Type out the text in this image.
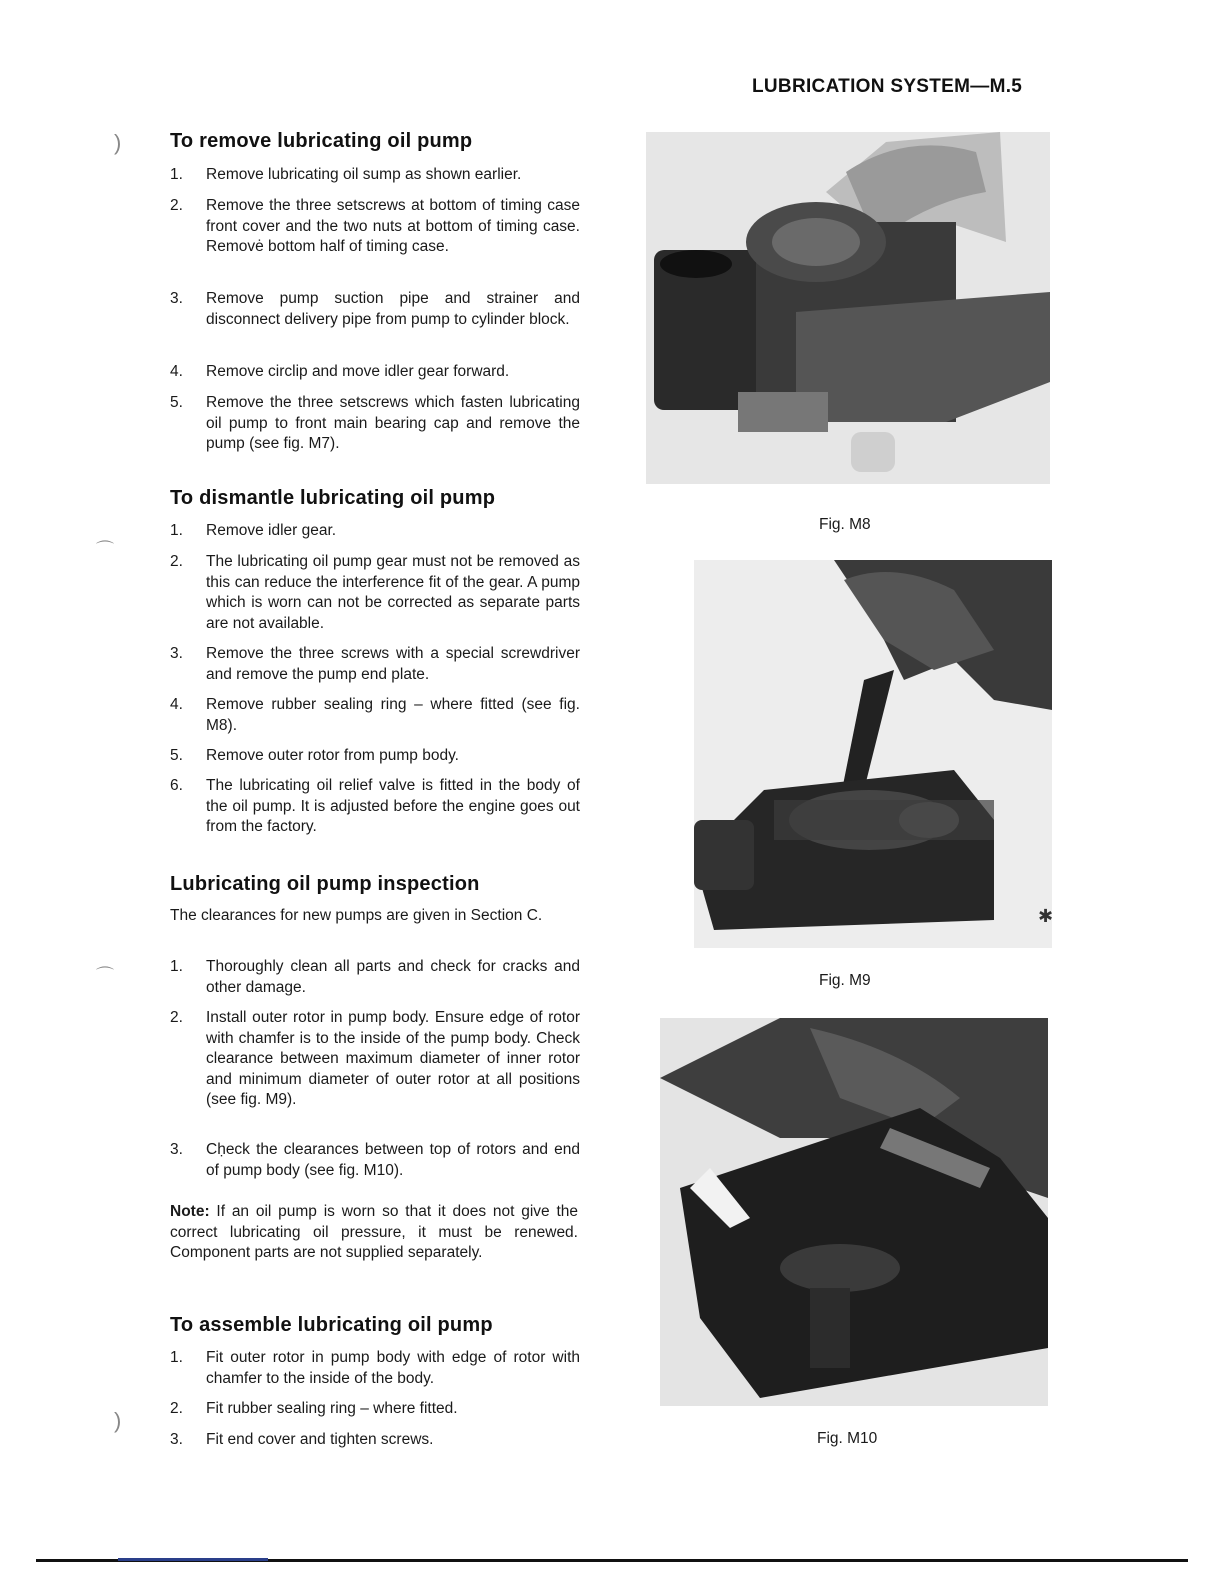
LUBRICATION SYSTEM—M.5
)
⌒
⌒
)
To remove lubricating oil pump
1.	Remove lubricating oil sump as shown earlier.
2.	Remove the three setscrews at bottom of timing case front cover and the two nuts at bottom of timing case. Removė bottom half of timing case.
3.	Remove pump suction pipe and strainer and disconnect delivery pipe from pump to cylinder block.
4.	Remove circlip and move idler gear forward.
5.	Remove the three setscrews which fasten lubricating oil pump to front main bearing cap and remove the pump (see fig. M7).
To dismantle lubricating oil pump
1.	Remove idler gear.
2.	The lubricating oil pump gear must not be removed as this can reduce the interference fit of the gear. A pump which is worn can not be corrected as separate parts are not available.
3.	Remove the three screws with a special screwdriver and remove the pump end plate.
4.	Remove rubber sealing ring – where fitted (see fig. M8).
5.	Remove outer rotor from pump body.
6.	The lubricating oil relief valve is fitted in the body of the oil pump. It is adjusted before the engine goes out from the factory.
Lubricating oil pump inspection
The clearances for new pumps are given in Section C.
1.	Thoroughly clean all parts and check for cracks and other damage.
2.	Install outer rotor in pump body. Ensure edge of rotor with chamfer is to the inside of the pump body. Check clearance between maximum diameter of inner rotor and minimum diameter of outer rotor at all positions (see fig. M9).
3.	Cḥeck the clearances between top of rotors and end of pump body (see fig. M10).
Note: If an oil pump is worn so that it does not give the correct lubricating oil pressure, it must be renewed. Component parts are not supplied separately.
To assemble lubricating oil pump
1.	Fit outer rotor in pump body with edge of rotor with chamfer to the inside of the body.
2.	Fit rubber sealing ring – where fitted.
3.	Fit end cover and tighten screws.
Fig. M8
Fig. M9
✱
Fig. M10
